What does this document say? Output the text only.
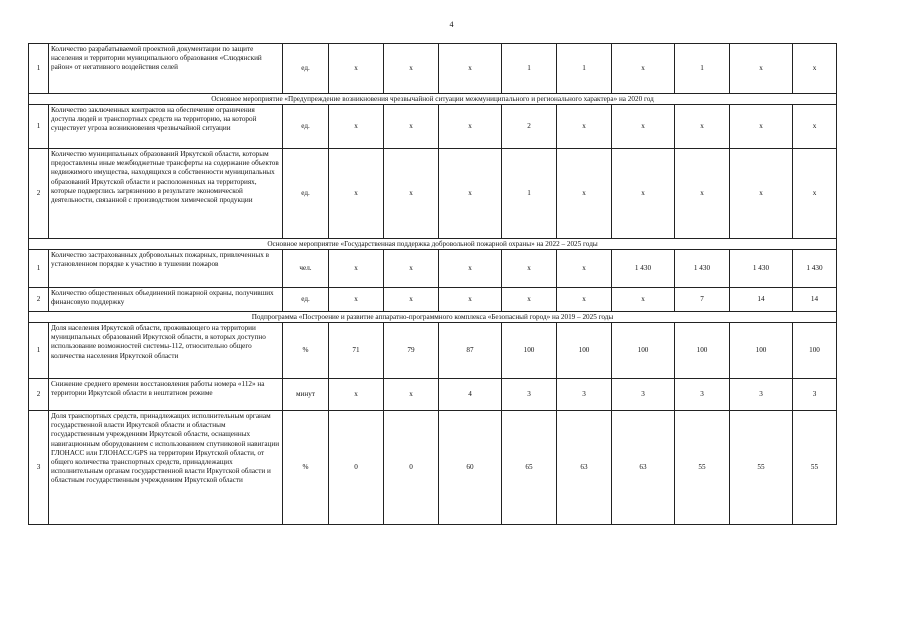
4
1	Количество разрабатываемой проектной документации по защите населения и территории муниципального образования «Слюдянский район» от негативного воздействия селей	ед.	x	x	x	1	1	x	1	x	x
Основное мероприятие «Предупреждение возникновения чрезвычайной ситуации межмуниципального и регионального характера» на 2020 год											
1	Количество заключенных контрактов на обеспечение ограничения доступа людей и транспортных средств на территорию, на которой существует угроза возникновения чрезвычайной ситуации	ед.	x	x	x	2	x	x	x	x	x
2	Количество муниципальных образований Иркутской области, которым предоставлены иные межбюджетные трансферты на содержание объектов недвижимого имущества, находящихся в собственности муниципальных образований Иркутской области и расположенных на территориях, которые подверглись загрязнению в результате экономической деятельности, связанной с производством химической продукции	ед.	x	x	x	1	x	x	x	x	x
Основное мероприятие «Государственная поддержка добровольной пожарной охраны» на 2022 – 2025 годы											
1	Количество застрахованных добровольных пожарных, привлеченных в установленном порядке к участию в тушении пожаров	чел.	x	x	x	x	x	1 430	1 430	1 430	1 430
2	Количество общественных объединений пожарной охраны, получивших финансовую поддержку	ед.	x	x	x	x	x	x	7	14	14
Подпрограмма «Построение и развитие аппаратно-программного комплекса «Безопасный город» на 2019 – 2025 годы											
1	Доля населения Иркутской области, проживающего на территории муниципальных образований Иркутской области, в которых доступно использование возможностей системы-112, относительно общего количества населения Иркутской области	%	71	79	87	100	100	100	100	100	100
2	Снижение среднего времени восстановления работы номера «112» на территории Иркутской области в нештатном режиме	минут	x	x	4	3	3	3	3	3	3
3	Доля транспортных средств, принадлежащих исполнительным органам государственной власти Иркутской области и областным государственным учреждениям Иркутской области, оснащенных навигационным оборудованием с использованием спутниковой навигации ГЛОНАСС или ГЛОНАСС/GPS на территории Иркутской области, от общего количества транспортных средств, принадлежащих исполнительным органам государственной власти Иркутской области и областным государственным учреждениям Иркутской области	%	0	0	60	65	63	63	55	55	55
